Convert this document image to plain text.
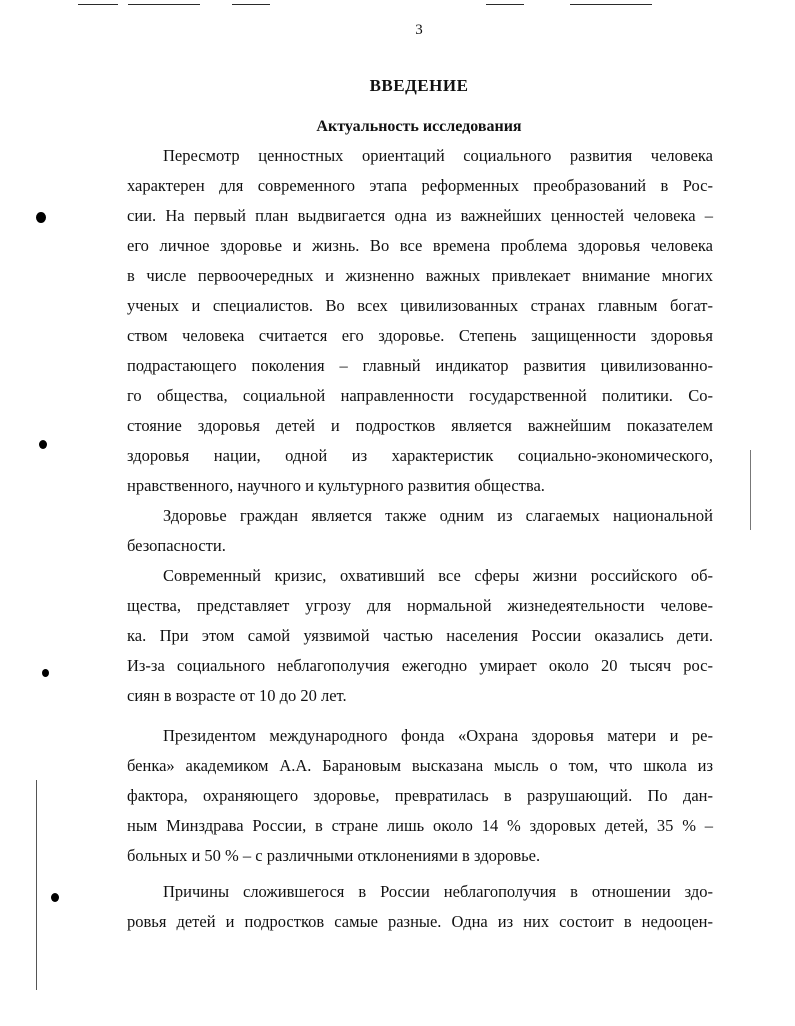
3
ВВЕДЕНИЕ
Актуальность исследования
Пересмотр ценностных ориентаций социального развития человека
характерен для современного этапа реформенных преобразований в Рос-
сии. На первый план выдвигается одна из важнейших ценностей человека –
его личное здоровье и жизнь. Во все времена проблема здоровья человека
в числе первоочередных и жизненно важных привлекает внимание многих
ученых и специалистов. Во всех цивилизованных странах главным богат-
ством человека считается его здоровье. Степень защищенности здоровья
подрастающего поколения – главный индикатор развития цивилизованно-
го общества, социальной направленности государственной политики. Со-
стояние здоровья детей и подростков является важнейшим показателем
здоровья нации, одной из характеристик социально-экономического,
нравственного, научного и культурного развития общества.
Здоровье граждан является также одним из слагаемых национальной
безопасности.
Современный кризис, охвативший все сферы жизни российского об-
щества, представляет угрозу для нормальной жизнедеятельности челове-
ка. При этом самой уязвимой частью населения России оказались дети.
Из-за социального неблагополучия ежегодно умирает около 20 тысяч рос-
сиян в возрасте от 10 до 20 лет.
Президентом международного фонда «Охрана здоровья матери и ре-
бенка» академиком А.А. Барановым высказана мысль о том, что школа из
фактора, охраняющего здоровье, превратилась в разрушающий. По дан-
ным Минздрава России, в стране лишь около 14 % здоровых детей, 35 % –
больных и 50 % – с различными отклонениями в здоровье.
Причины сложившегося в России неблагополучия в отношении здо-
ровья детей и подростков самые разные. Одна из них состоит в недооцен-
